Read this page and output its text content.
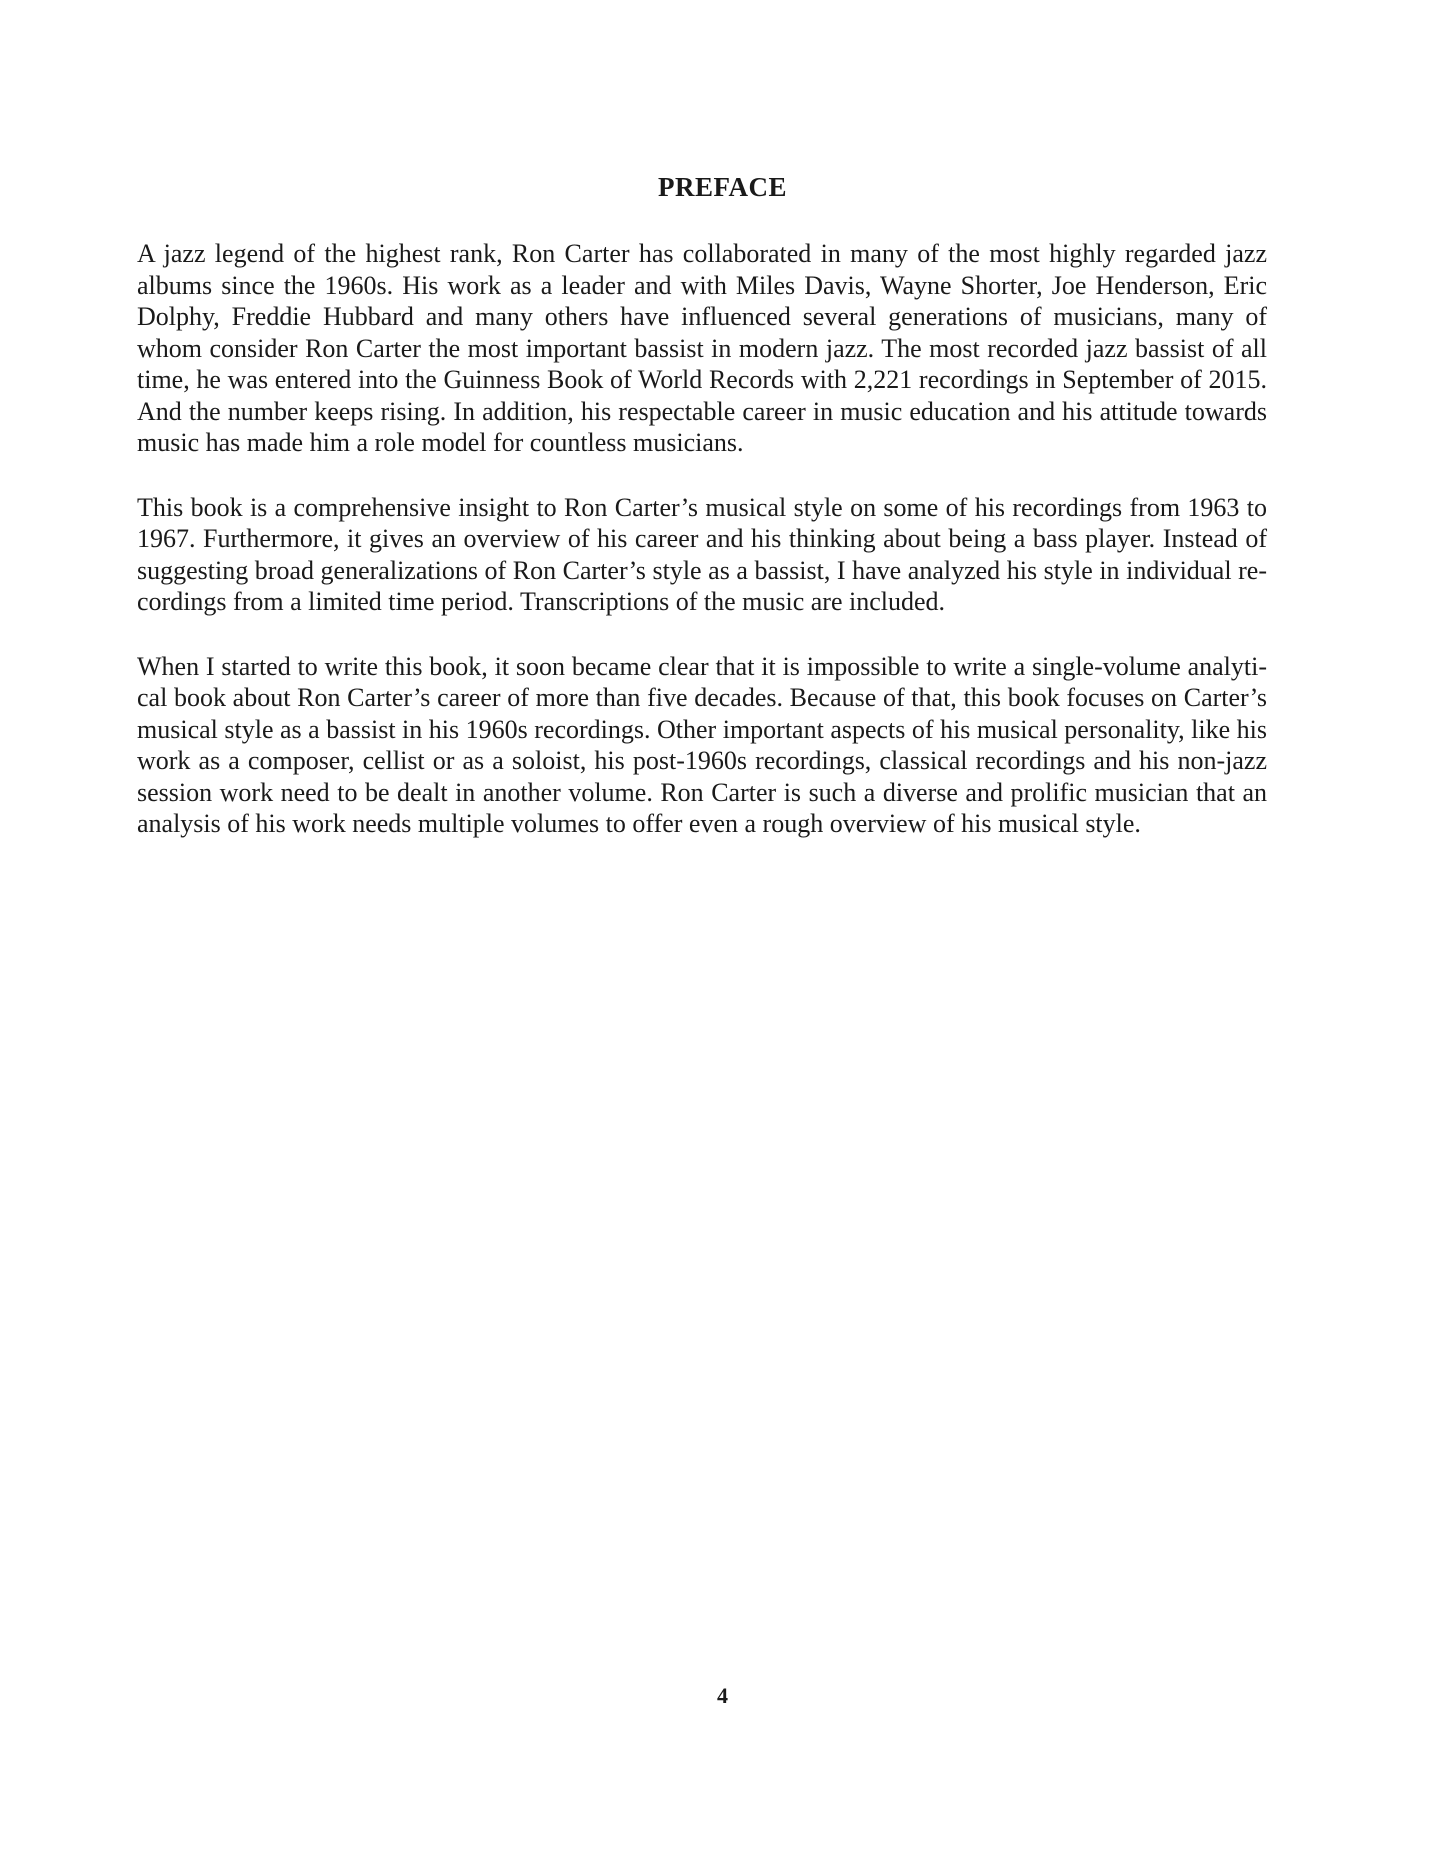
PREFACE

A jazz legend of the highest rank, Ron Carter has collaborated in many of the most highly regarded jazz albums since the 1960s. His work as a leader and with Miles Davis, Wayne Shorter, Joe Henderson, Eric Dolphy, Freddie Hubbard and many others have influenced several generations of musicians, many of whom consider Ron Carter the most important bassist in modern jazz. The most recorded jazz bassist of all time, he was entered into the Guinness Book of World Records with 2,221 recordings in September of 2015. And the number keeps rising. In addition, his respectable career in music education and his attitude towards music has made him a role model for countless musicians.

This book is a comprehensive insight to Ron Carter’s musical style on some of his recordings from 1963 to 1967. Furthermore, it gives an overview of his career and his thinking about being a bass player. Instead of suggesting broad generalizations of Ron Carter’s style as a bassist, I have analyzed his style in individual recordings from a limited time period. Transcriptions of the music are included.

When I started to write this book, it soon became clear that it is impossible to write a single-volume analytical book about Ron Carter’s career of more than five decades. Because of that, this book focuses on Carter’s musical style as a bassist in his 1960s recordings. Other important aspects of his musical personality, like his work as a composer, cellist or as a soloist, his post-1960s recordings, classical recordings and his non-jazz session work need to be dealt in another volume. Ron Carter is such a diverse and prolific musician that an analysis of his work needs multiple volumes to offer even a rough overview of his musical style.

4
